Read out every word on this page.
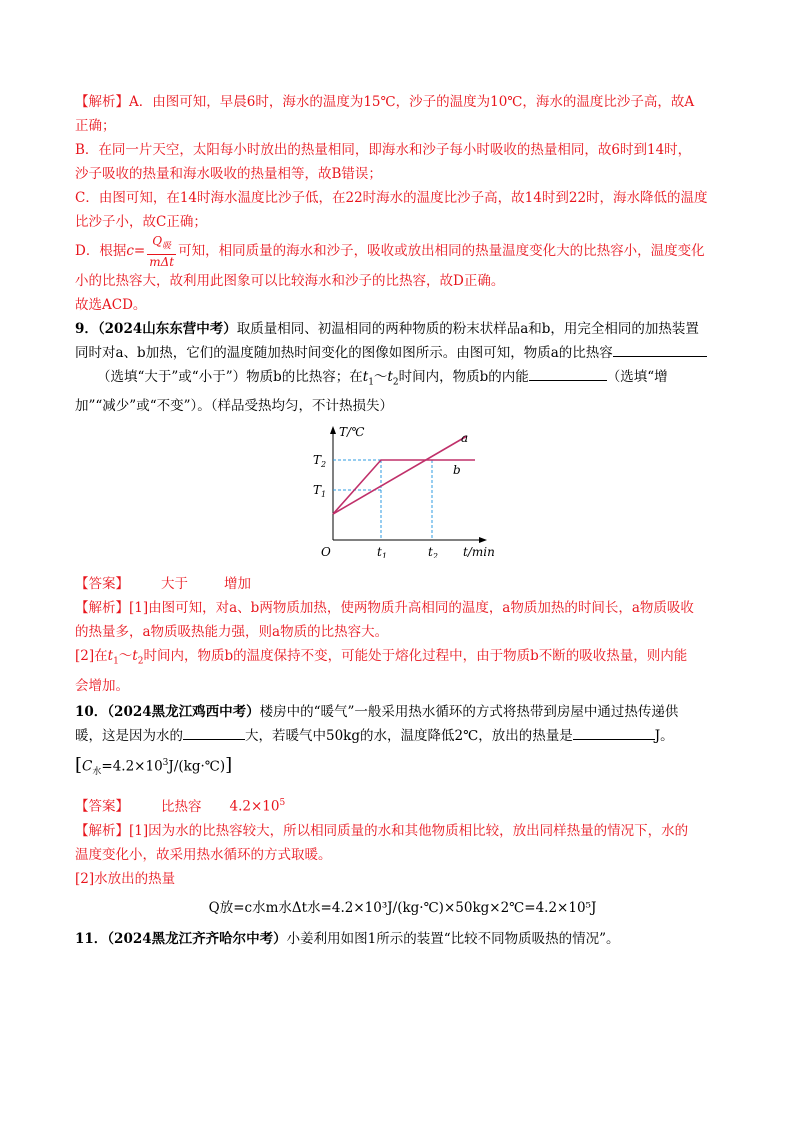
【解析】A．由图可知，早晨6时，海水的温度为15℃，沙子的温度为10℃，海水的温度比沙子高，故A

正确；

B．在同一片天空，太阳每小时放出的热量相同，即海水和沙子每小时吸收的热量相同，故6时到14时，

沙子吸收的热量和海水吸收的热量相等，故B错误；

C．由图可知，在14时海水温度比沙子低，在22时海水的温度比沙子高，故14时到22时，海水降低的温度

比沙子小，故C正确；

D．根据$c= \frac{Q_吸}{\text{mΔt}}$ 可知，相同质量的海水和沙子，吸收或放出相同的热量温度变化大的比热容小，温度变化

小的比热容大，故利用此图象可以比较海水和沙子的比热容，故D正确。

故选ACD。

9．（2024山东东营中考）取质量相同、初温相同的两种物质的粉末状样品a和b，用完全相同的加热装置

同时对a、b加热，它们的温度随加热时间变化的图像如图所示。由图可知，物质a的比热容

（选填“大于”或“小于”）物质b的比热容；在$t_1\sim t_2$时间内，物质b的内能	（选填“增

加”“减少”或“不变”）。（样品受热均匀，不计热损失）

T/℃
t/min
O
$T_2$
$T_1$
$t_1$	$t_2$
a
b

【答案】 大于	增加

【解析】[1]由图可知，对a、b两物质加热，使两物质升高相同的温度，a物质加热的时间长，a物质吸收

的热量多，a物质吸热能力强，则a物质的比热容大。

[2]在$t_1\sim t_2$时间内，物质b的温度保持不变，可能处于熔化过程中，由于物质b不断的吸收热量，则内能

会增加。

10．（2024黑龙江鸡西中考）楼房中的“暖气”一般采用热水循环的方式将热带到房屋中通过热传递供

暖，这是因为水的	大，若暖气中50kg的水，温度降低2℃，放出的热量是	J。

$[C_水=4.2\times 10^3J/(kg\cdot℃)]$

【答案】 比热容 $4.2\times 10^5$

【解析】[1]因为水的比热容较大，所以相同质量的水和其他物质相比较，放出同样热量的情况下，水的

温度变化小，故采用热水循环的方式取暖。

[2]水放出的热量

Q放=c水m水Δt水=4.2×10³J/(kg·℃)×50kg×2℃=4.2×10⁵J

11．（2024黑龙江齐齐哈尔中考）小姜利用如图1所示的装置“比较不同物质吸热的情况”。
